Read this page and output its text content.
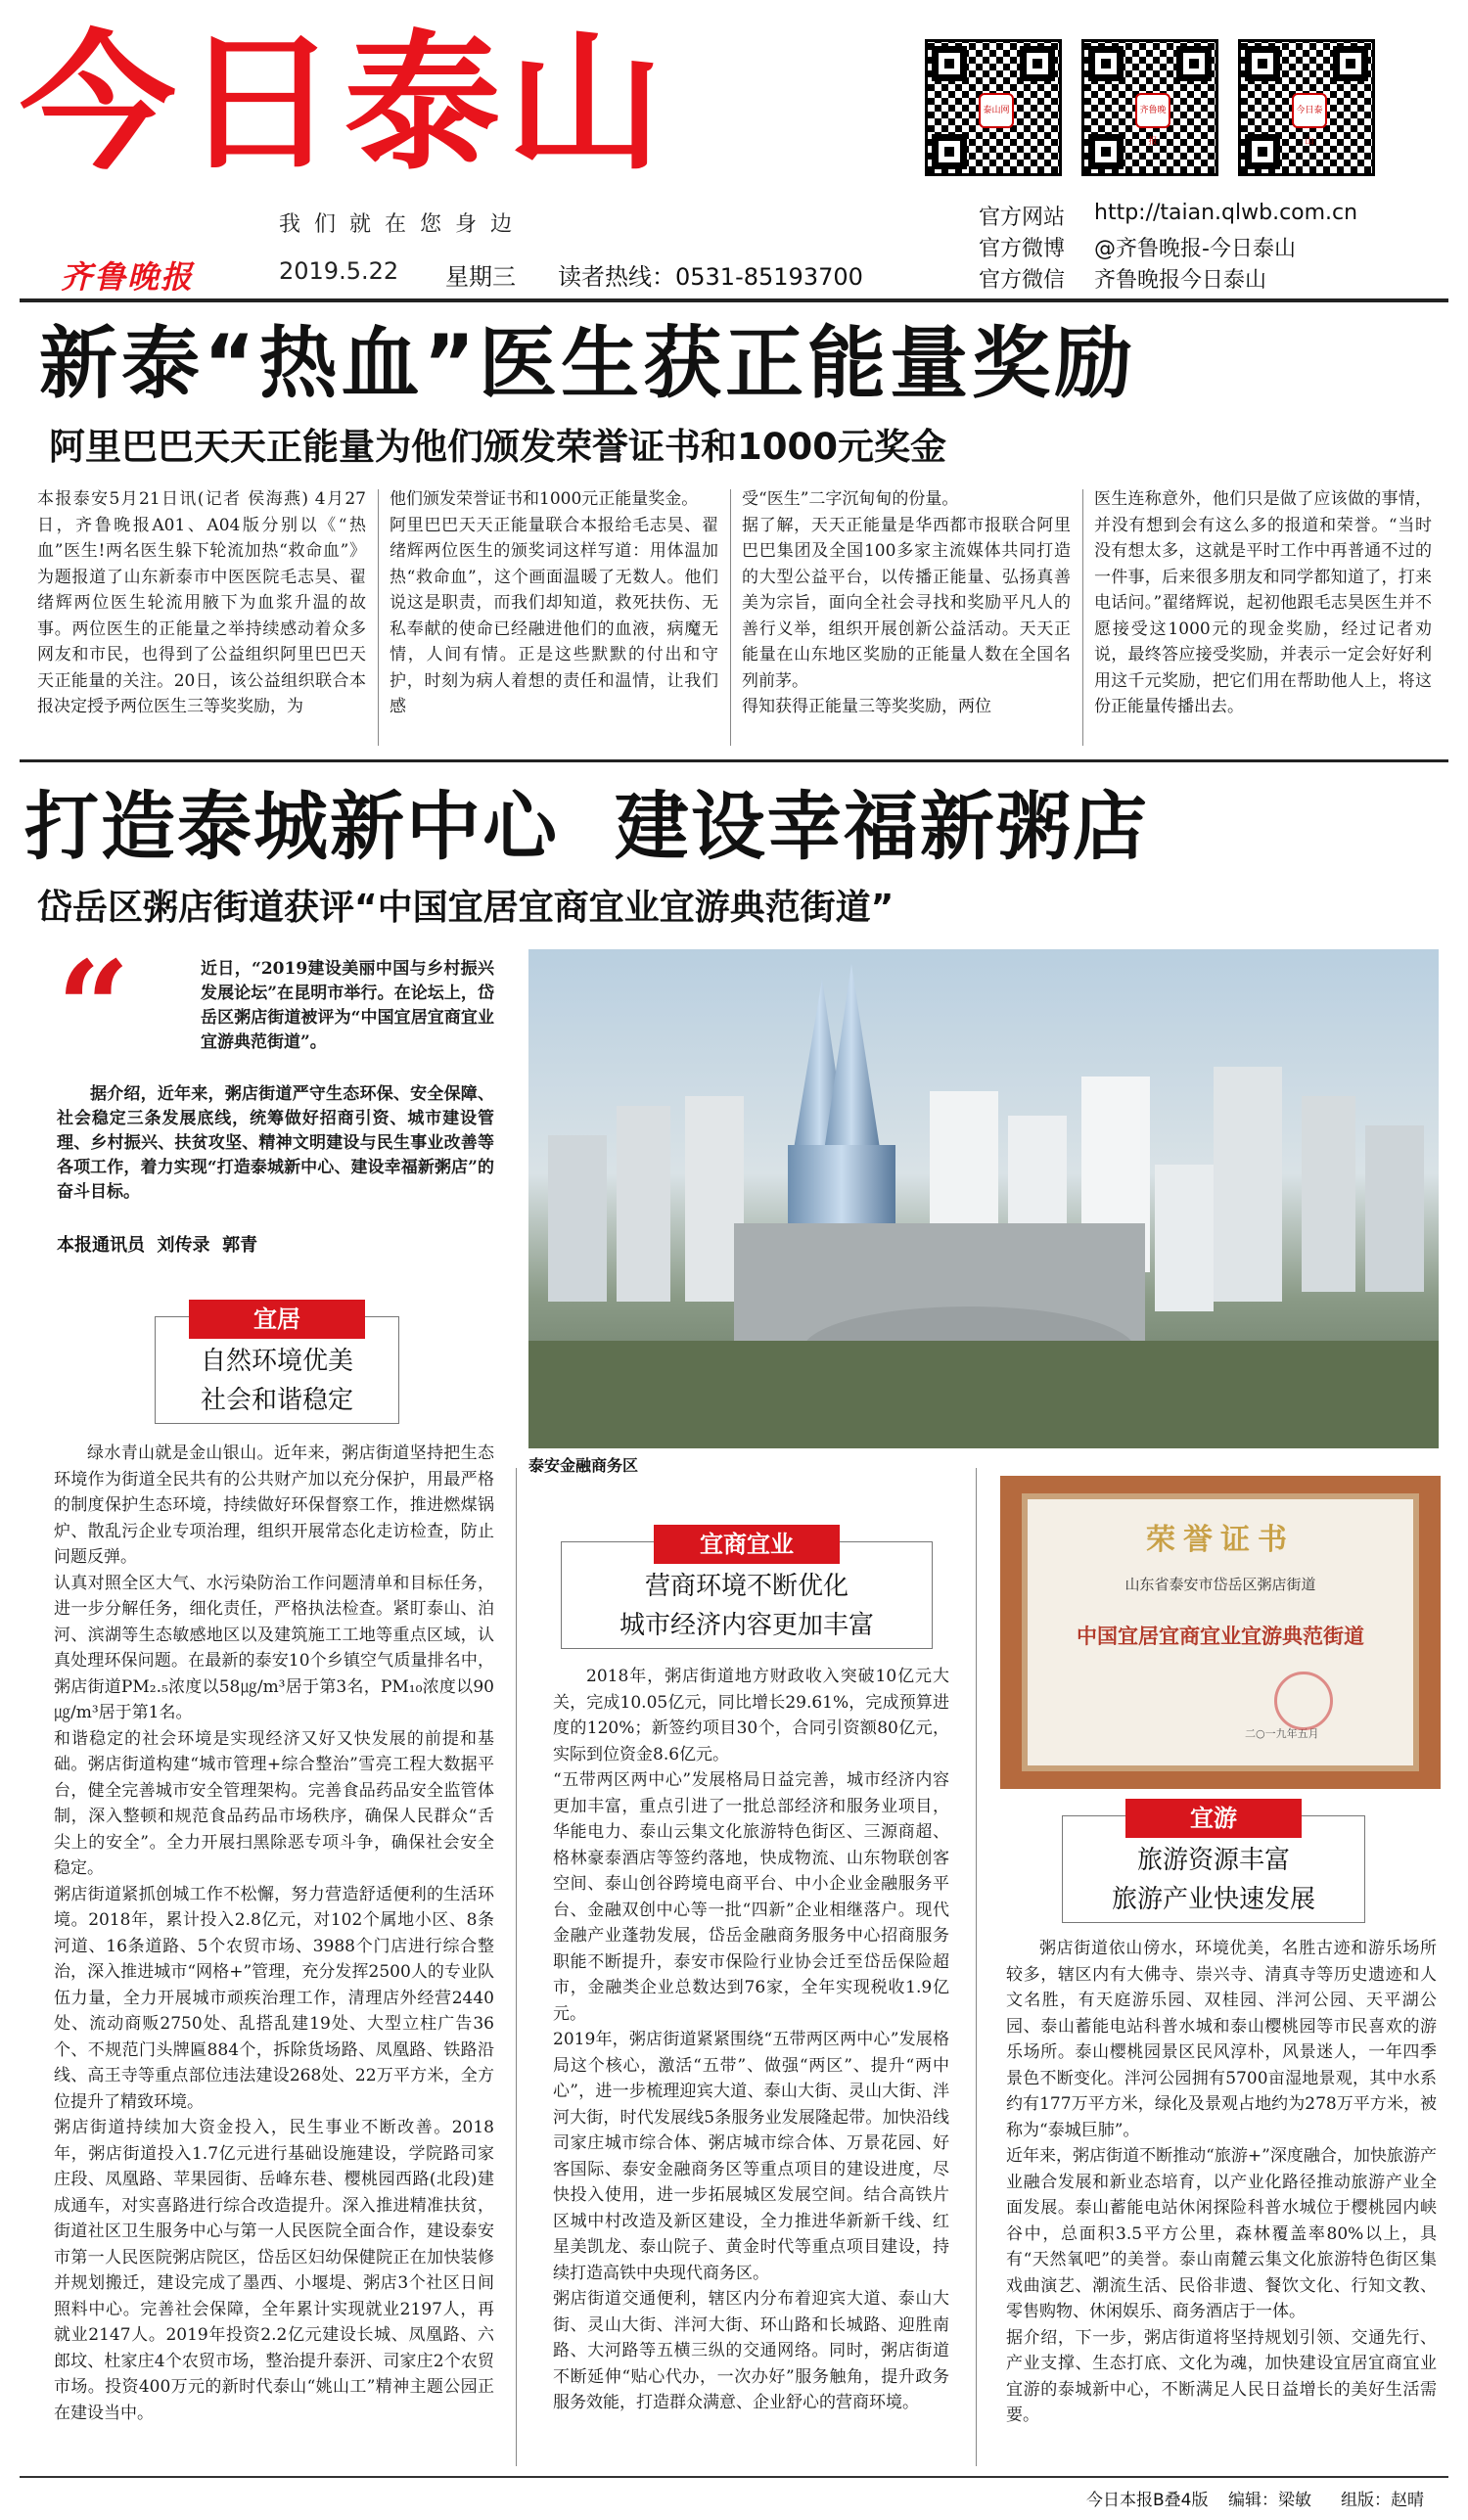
今日泰山
我们就在您身边
齐鲁晚报	2019.5.22 星期三 读者热线：0531-85193700
泰山网	齐鲁晚报
今日泰山
官方网站 http://taian.qlwb.com.cn
官方微博 @齐鲁晚报-今日泰山
官方微信 齐鲁晚报今日泰山
新泰“热血”医生获正能量奖励
阿里巴巴天天正能量为他们颁发荣誉证书和1000元奖金

本报泰安5月21日讯(记者 侯海燕) 4月27日，齐鲁晚报A01、A04版分别以《“热血”医生!两名医生躲下轮流加热“救命血”》为题报道了山东新泰市中医医院毛志昊、翟绪辉两位医生轮流用腋下为血浆升温的故事。两位医生的正能量之举持续感动着众多网友和市民，也得到了公益组织阿里巴巴天天正能量的关注。20日，该公益组织联合本报决定授予两位医生三等奖奖励，为

他们颁发荣誉证书和1000元正能量奖金。
阿里巴巴天天正能量联合本报给毛志昊、翟绪辉两位医生的颁奖词这样写道：用体温加热“救命血”，这个画面温暖了无数人。他们说这是职责，而我们却知道，救死扶伤、无私奉献的使命已经融进他们的血液，病魔无情，人间有情。正是这些默默的付出和守护，时刻为病人着想的责任和温情，让我们感

受“医生”二字沉甸甸的份量。
据了解，天天正能量是华西都市报联合阿里巴巴集团及全国100多家主流媒体共同打造的大型公益平台，以传播正能量、弘扬真善美为宗旨，面向全社会寻找和奖励平凡人的善行义举，组织开展创新公益活动。天天正能量在山东地区奖励的正能量人数在全国名列前茅。
得知获得正能量三等奖奖励，两位

医生连称意外，他们只是做了应该做的事情，并没有想到会有这么多的报道和荣誉。“当时没有想太多，这就是平时工作中再普通不过的一件事，后来很多朋友和同学都知道了，打来电话问。”翟绪辉说，起初他跟毛志昊医生并不愿接受这1000元的现金奖励，经过记者劝说，最终答应接受奖励，并表示一定会好好利用这千元奖励，把它们用在帮助他人上，将这份正能量传播出去。

打造泰城新中心  建设幸福新粥店
岱岳区粥店街道获评“中国宜居宜商宜业宜游典范街道”
“	近日，“2019建设美丽中国与乡村振兴发展论坛”在昆明市举行。在论坛上，岱岳区粥店街道被评为“中国宜居宜商宜业宜游典范街道”。

据介绍，近年来，粥店街道严守生态环保、安全保障、社会稳定三条发展底线，统筹做好招商引资、城市建设管理、乡村振兴、扶贫攻坚、精神文明建设与民生事业改善等各项工作，着力实现“打造泰城新中心、建设幸福新粥店”的奋斗目标。

本报通讯员  刘传录  郭青
泰安金融商务区
宜居
自然环境优美
社会和谐稳定

绿水青山就是金山银山。近年来，粥店街道坚持把生态环境作为街道全民共有的公共财产加以充分保护，用最严格的制度保护生态环境，持续做好环保督察工作，推进燃煤锅炉、散乱污企业专项治理，组织开展常态化走访检查，防止问题反弹。
认真对照全区大气、水污染防治工作问题清单和目标任务，进一步分解任务，细化责任，严格执法检查。紧盯泰山、泊河、滨湖等生态敏感地区以及建筑施工工地等重点区域，认真处理环保问题。在最新的泰安10个乡镇空气质量排名中，粥店街道PM₂.₅浓度以58㎍/m³居于第3名，PM₁₀浓度以90㎍/m³居于第1名。
和谐稳定的社会环境是实现经济又好又快发展的前提和基础。粥店街道构建“城市管理+综合整治”雪亮工程大数据平台，健全完善城市安全管理架构。完善食品药品安全监管体制，深入整顿和规范食品药品市场秩序，确保人民群众“舌尖上的安全”。全力开展扫黑除恶专项斗争，确保社会安全稳定。
粥店街道紧抓创城工作不松懈，努力营造舒适便利的生活环境。2018年，累计投入2.8亿元，对102个属地小区、8条河道、16条道路、5个农贸市场、3988个门店进行综合整治，深入推进城市“网格+”管理，充分发挥2500人的专业队伍力量，全力开展城市顽疾治理工作，清理店外经营2440处、流动商贩2750处、乱搭乱建19处、大型立柱广告36个、不规范门头牌匾884个，拆除货场路、凤凰路、铁路沿线、高王寺等重点部位违法建设268处、22万平方米，全方位提升了精致环境。
粥店街道持续加大资金投入，民生事业不断改善。2018年，粥店街道投入1.7亿元进行基础设施建设，学院路司家庄段、凤凰路、苹果园街、岳峰东巷、樱桃园西路(北段)建成通车，对实喜路进行综合改造提升。深入推进精准扶贫，街道社区卫生服务中心与第一人民医院全面合作，建设泰安市第一人民医院粥店院区，岱岳区妇幼保健院正在加快装修并规划搬迁，建设完成了墨西、小堰堤、粥店3个社区日间照料中心。完善社会保障，全年累计实现就业2197人，再就业2147人。2019年投资2.2亿元建设长城、凤凰路、六郎坟、杜家庄4个农贸市场，整治提升泰汧、司家庄2个农贸市场。投资400万元的新时代泰山“姚山工”精神主题公园正在建设当中。

宜商宜业
营商环境不断优化
城市经济内容更加丰富

2018年，粥店街道地方财政收入突破10亿元大关，完成10.05亿元，同比增长29.61%，完成预算进度的120%；新签约项目30个，合同引资额80亿元，实际到位资金8.6亿元。
“五带两区两中心”发展格局日益完善，城市经济内容更加丰富，重点引进了一批总部经济和服务业项目，华能电力、泰山云集文化旅游特色街区、三源商超、格林豪泰酒店等签约落地，快成物流、山东物联创客空间、泰山创谷跨境电商平台、中小企业金融服务平台、金融双创中心等一批“四新”企业相继落户。现代金融产业蓬勃发展，岱岳金融商务服务中心招商服务职能不断提升，泰安市保险行业协会迁至岱岳保险超市，金融类企业总数达到76家，全年实现税收1.9亿元。
2019年，粥店街道紧紧围绕“五带两区两中心”发展格局这个核心，激活“五带”、做强“两区”、提升“两中心”，进一步梳理迎宾大道、泰山大街、灵山大街、泮河大街，时代发展线5条服务业发展隆起带。加快沿线司家庄城市综合体、粥店城市综合体、万景花园、好客国际、泰安金融商务区等重点项目的建设进度，尽快投入使用，进一步拓展城区发展空间。结合高铁片区城中村改造及新区建设，全力推进华新新千线、红星美凯龙、泰山院子、黄金时代等重点项目建设，持续打造高铁中央现代商务区。
粥店街道交通便利，辖区内分布着迎宾大道、泰山大街、灵山大街、泮河大街、环山路和长城路、迎胜南路、大河路等五横三纵的交通网络。同时，粥店街道不断延伸“贴心代办，一次办好”服务触角，提升政务服务效能，打造群众满意、企业舒心的营商环境。

荣誉证书
山东省泰安市岱岳区粥店街道
中国宜居宜商宜业宜游典范街道
二○一九年五月
宜游
旅游资源丰富
旅游产业快速发展

粥店街道依山傍水，环境优美，名胜古迹和游乐场所较多，辖区内有大佛寺、崇兴寺、清真寺等历史遗迹和人文名胜，有天庭游乐园、双桂园、泮河公园、天平湖公园、泰山蓄能电站科普水城和泰山樱桃园等市民喜欢的游乐场所。泰山樱桃园景区民风淳朴，风景迷人，一年四季景色不断变化。泮河公园拥有5700亩湿地景观，其中水系约有177万平方米，绿化及景观占地约为278万平方米，被称为“泰城巨肺”。
近年来，粥店街道不断推动“旅游+”深度融合，加快旅游产业融合发展和新业态培育，以产业化路径推动旅游产业全面发展。泰山蓄能电站休闲探险科普水城位于樱桃园内峡谷中，总面积3.5平方公里，森林覆盖率80%以上，具有“天然氧吧”的美誉。泰山南麓云集文化旅游特色街区集戏曲演艺、潮流生活、民俗非遗、餐饮文化、行知文教、零售购物、休闲娱乐、商务酒店于一体。
据介绍，下一步，粥店街道将坚持规划引领、交通先行、产业支撑、生态打底、文化为魂，加快建设宜居宜商宜业宜游的泰城新中心，不断满足人民日益增长的美好生活需要。

今日本报B叠4版 编辑：梁敏 组版：赵晴
